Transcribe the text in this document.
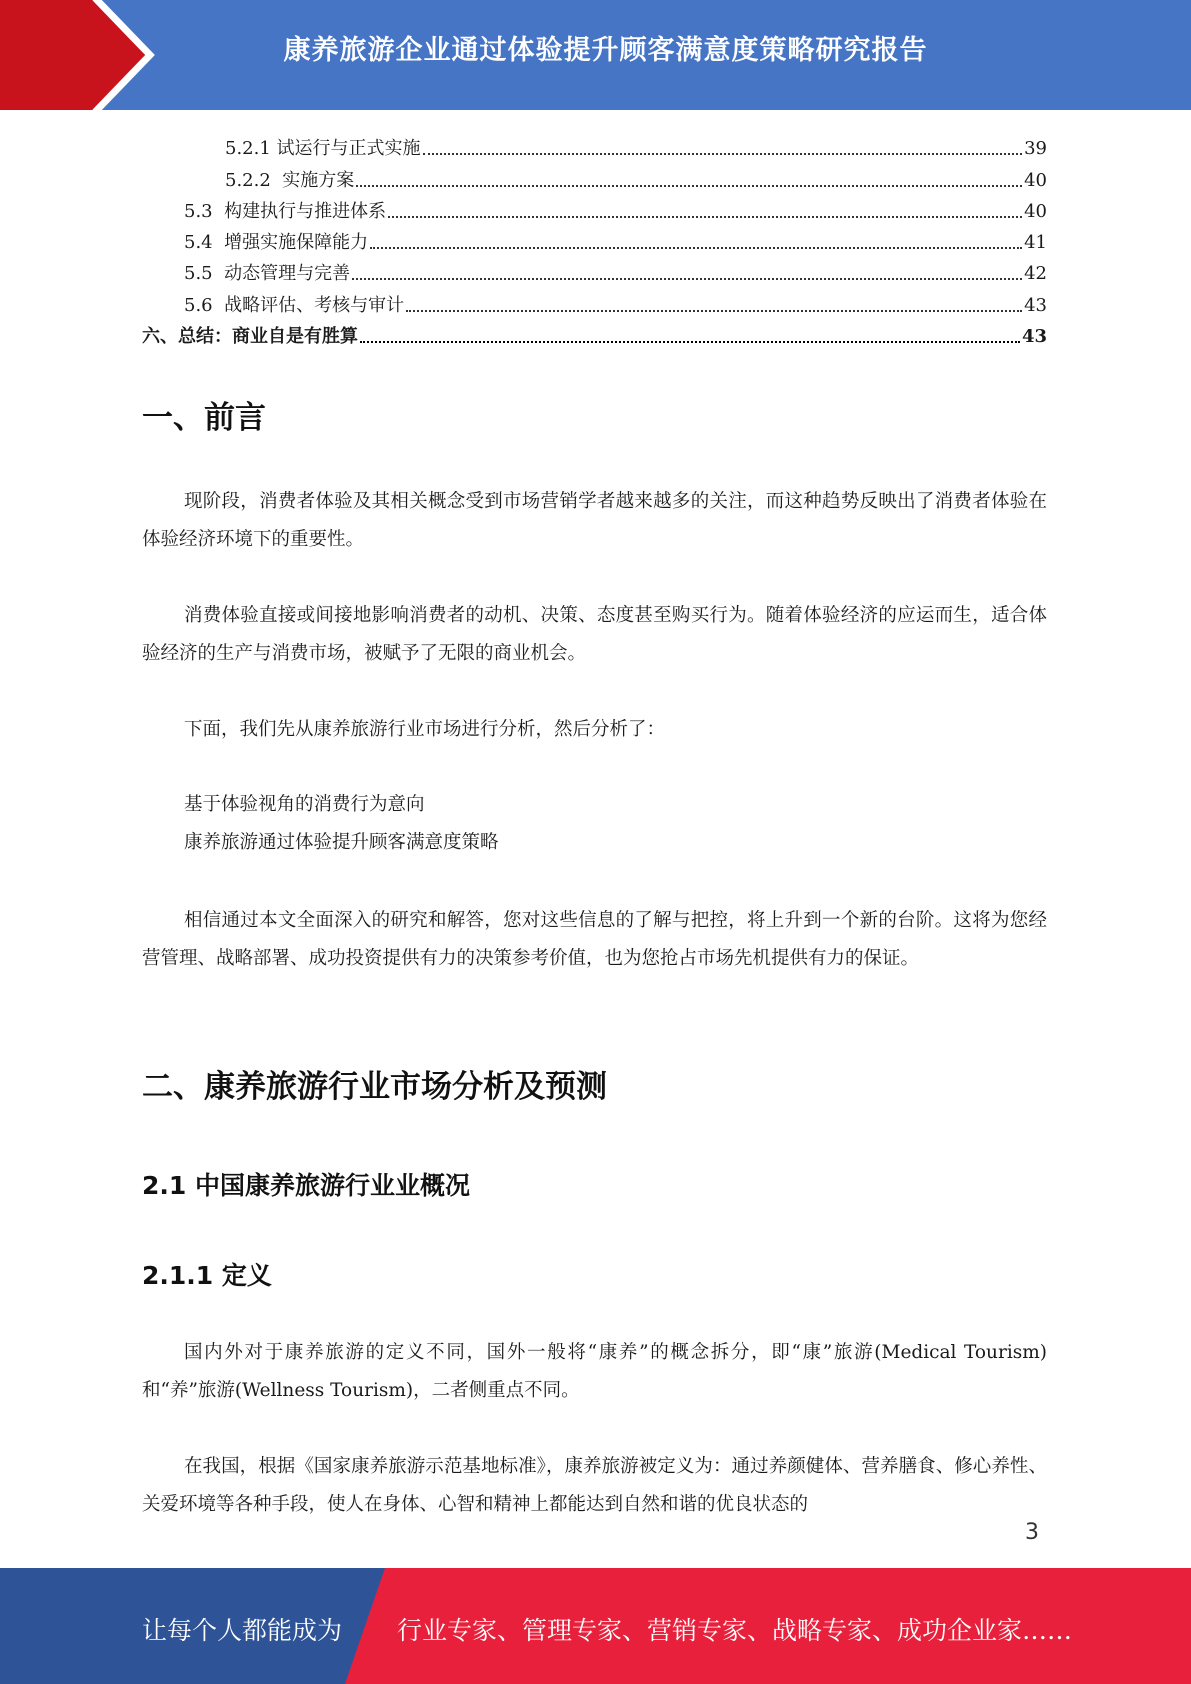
康养旅游企业通过体验提升顾客满意度策略研究报告
5.2.1 试运行与正式实施	39
5.2.2 实施方案	40
5.3 构建执行与推进体系	40
5.4 增强实施保障能力	41
5.5 动态管理与完善	42
5.6 战略评估、考核与审计	43
六、总结：商业自是有胜算	43
一、前言
现阶段，消费者体验及其相关概念受到市场营销学者越来越多的关注，而这种趋势反映出了消费者体验在体验经济环境下的重要性。
消费体验直接或间接地影响消费者的动机、决策、态度甚至购买行为。随着体验经济的应运而生，适合体验经济的生产与消费市场，被赋予了无限的商业机会。
下面，我们先从康养旅游行业市场进行分析，然后分析了：
基于体验视角的消费行为意向
康养旅游通过体验提升顾客满意度策略
相信通过本文全面深入的研究和解答，您对这些信息的了解与把控，将上升到一个新的台阶。这将为您经营管理、战略部署、成功投资提供有力的决策参考价值，也为您抢占市场先机提供有力的保证。
二、康养旅游行业市场分析及预测
2.1 中国康养旅游行业业概况
2.1.1 定义
国内外对于康养旅游的定义不同，国外一般将“康养”的概念拆分，即“康”旅游(Medical Tourism)和“养”旅游(Wellness Tourism)，二者侧重点不同。
在我国，根据《国家康养旅游示范基地标准》，康养旅游被定义为：通过养颜健体、营养膳食、修心养性、关爱环境等各种手段，使人在身体、心智和精神上都能达到自然和谐的优良状态的
3
让每个人都能成为 行业专家、管理专家、营销专家、战略专家、成功企业家……
